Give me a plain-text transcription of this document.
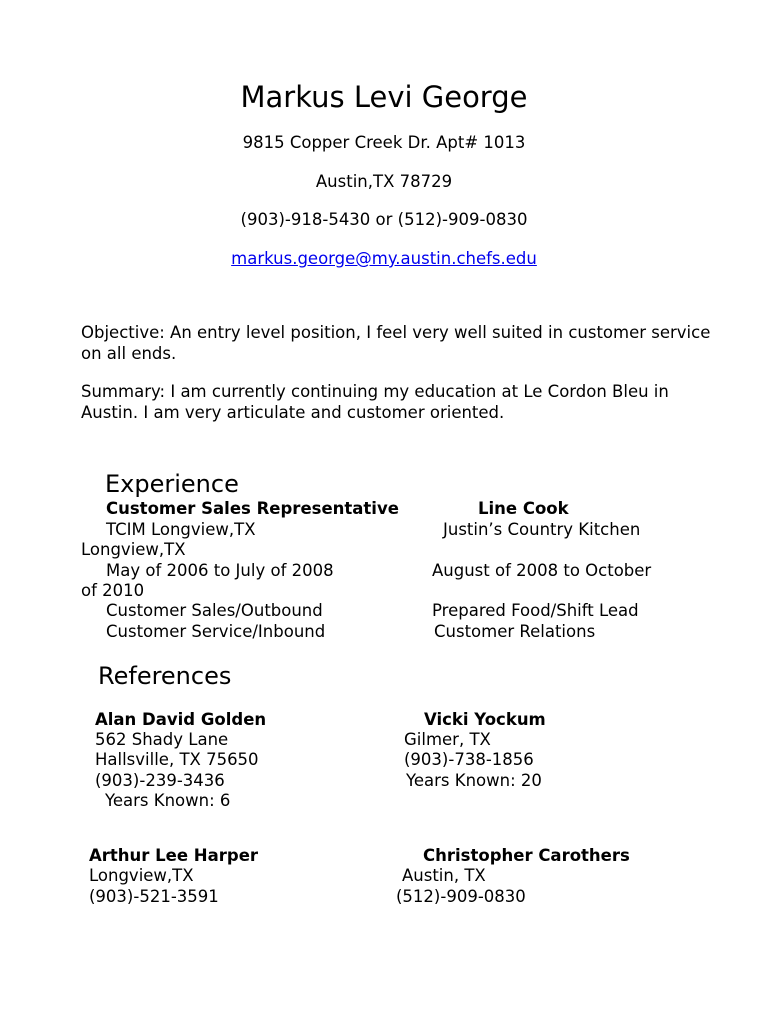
Markus Levi George
9815 Copper Creek Dr. Apt# 1013
Austin,TX 78729
(903)-918-5430 or (512)-909-0830
markus.george@my.austin.chefs.edu
Objective: An entry level position, I feel very well suited in customer service on all ends.
Summary: I am currently continuing my education at Le Cordon Bleu in Austin. I am very articulate and customer oriented.
Experience
Customer Sales Representative	Line Cook
TCIM Longview,TX	Justin’s Country Kitchen
Longview,TX
May of 2006 to July of 2008	August of 2008 to October
of 2010
Customer Sales/Outbound	Prepared Food/Shift Lead
Customer Service/Inbound	Customer Relations
References
Alan David Golden
562 Shady Lane
Hallsville, TX 75650
(903)-239-3436
Years Known: 6
Vicki Yockum
Gilmer, TX
(903)-738-1856
Years Known: 20
Arthur Lee Harper
Longview,TX
(903)-521-3591
Christopher Carothers
Austin, TX
(512)-909-0830
